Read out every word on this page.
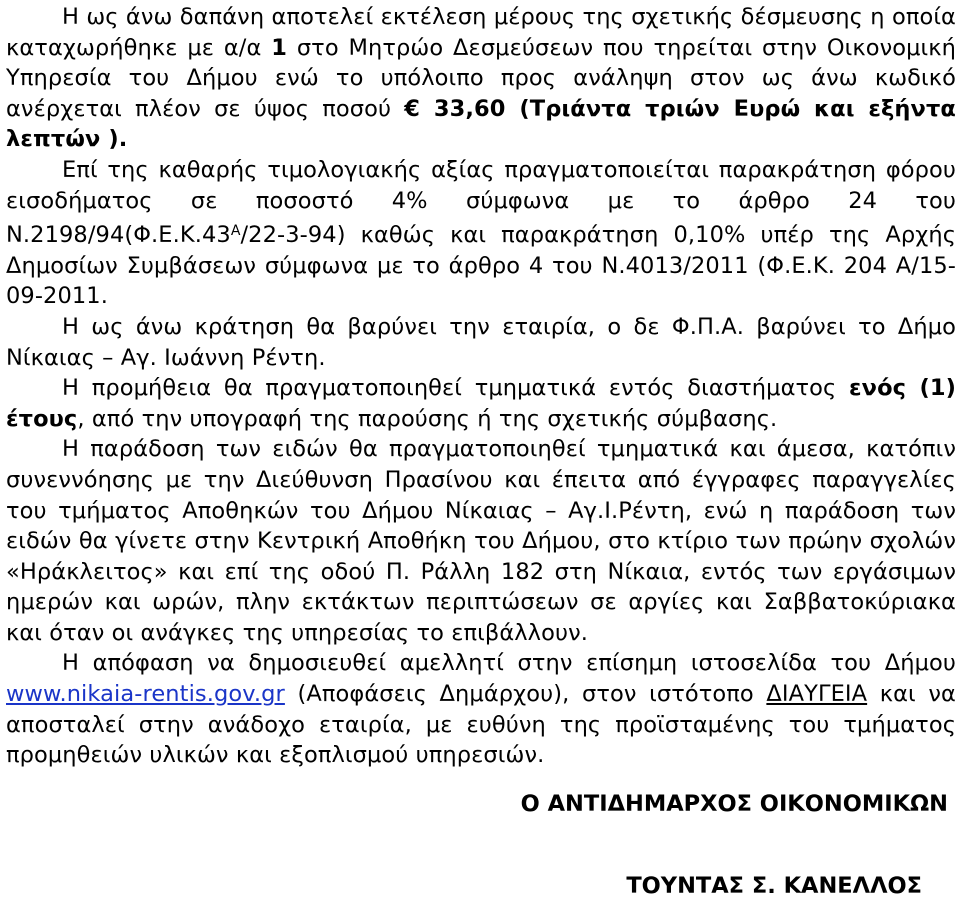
Η ως άνω δαπάνη αποτελεί εκτέλεση μέρους της σχετικής δέσμευσης η οποία καταχωρήθηκε με α/α 1 στο Μητρώο Δεσμεύσεων που τηρείται στην Οικονομική Υπηρεσία του Δήμου ενώ το υπόλοιπο προς ανάληψη στον ως άνω κωδικό ανέρχεται πλέον σε ύψος ποσού € 33,60 (Τριάντα τριών Ευρώ και εξήντα λεπτών ).

Επί της καθαρής τιμολογιακής αξίας πραγματοποιείται παρακράτηση φόρου εισοδήματος σε ποσοστό 4% σύμφωνα με το άρθρο 24 του $N.2198/94(\Phi.E.K.43^A/22-3-94)$ καθώς και παρακράτηση 0,10% υπέρ της Αρχής Δημοσίων Συμβάσεων σύμφωνα με το άρθρο 4 του Ν.4013/2011 (Φ.Ε.Κ. 204 Α/15-09-2011.

Η ως άνω κράτηση θα βαρύνει την εταιρία, ο δε Φ.Π.Α. βαρύνει το Δήμο Νίκαιας – Αγ. Ιωάννη Ρέντη.

Η προμήθεια θα πραγματοποιηθεί τμηματικά εντός διαστήματος ενός (1) έτους, από την υπογραφή της παρούσης ή της σχετικής σύμβασης.

Η παράδοση των ειδών θα πραγματοποιηθεί τμηματικά και άμεσα, κατόπιν συνεννόησης με την Διεύθυνση Πρασίνου και έπειτα από έγγραφες παραγγελίες του τμήματος Αποθηκών του Δήμου Νίκαιας – Αγ.Ι.Ρέντη, ενώ η παράδοση των ειδών θα γίνετε στην Κεντρική Αποθήκη του Δήμου, στο κτίριο των πρώην σχολών «Ηράκλειτος» και επί της οδού Π. Ράλλη 182 στη Νίκαια, εντός των εργάσιμων ημερών και ωρών, πλην εκτάκτων περιπτώσεων σε αργίες και Σαββατοκύριακα και όταν οι ανάγκες της υπηρεσίας το επιβάλλουν.

Η απόφαση να δημοσιευθεί αμελλητί στην επίσημη ιστοσελίδα του Δήμου www.nikaia-rentis.gov.gr (Αποφάσεις Δημάρχου), στον ιστότοπο ΔΙΑΥΓΕΙΑ και να αποσταλεί στην ανάδοχο εταιρία, με ευθύνη της προϊσταμένης του τμήματος προμηθειών υλικών και εξοπλισμού υπηρεσιών.

Ο ΑΝΤΙΔΗΜΑΡΧΟΣ ΟΙΚΟΝΟΜΙΚΩΝ

ΤΟΥΝΤΑΣ Σ. ΚΑΝΕΛΛΟΣ
